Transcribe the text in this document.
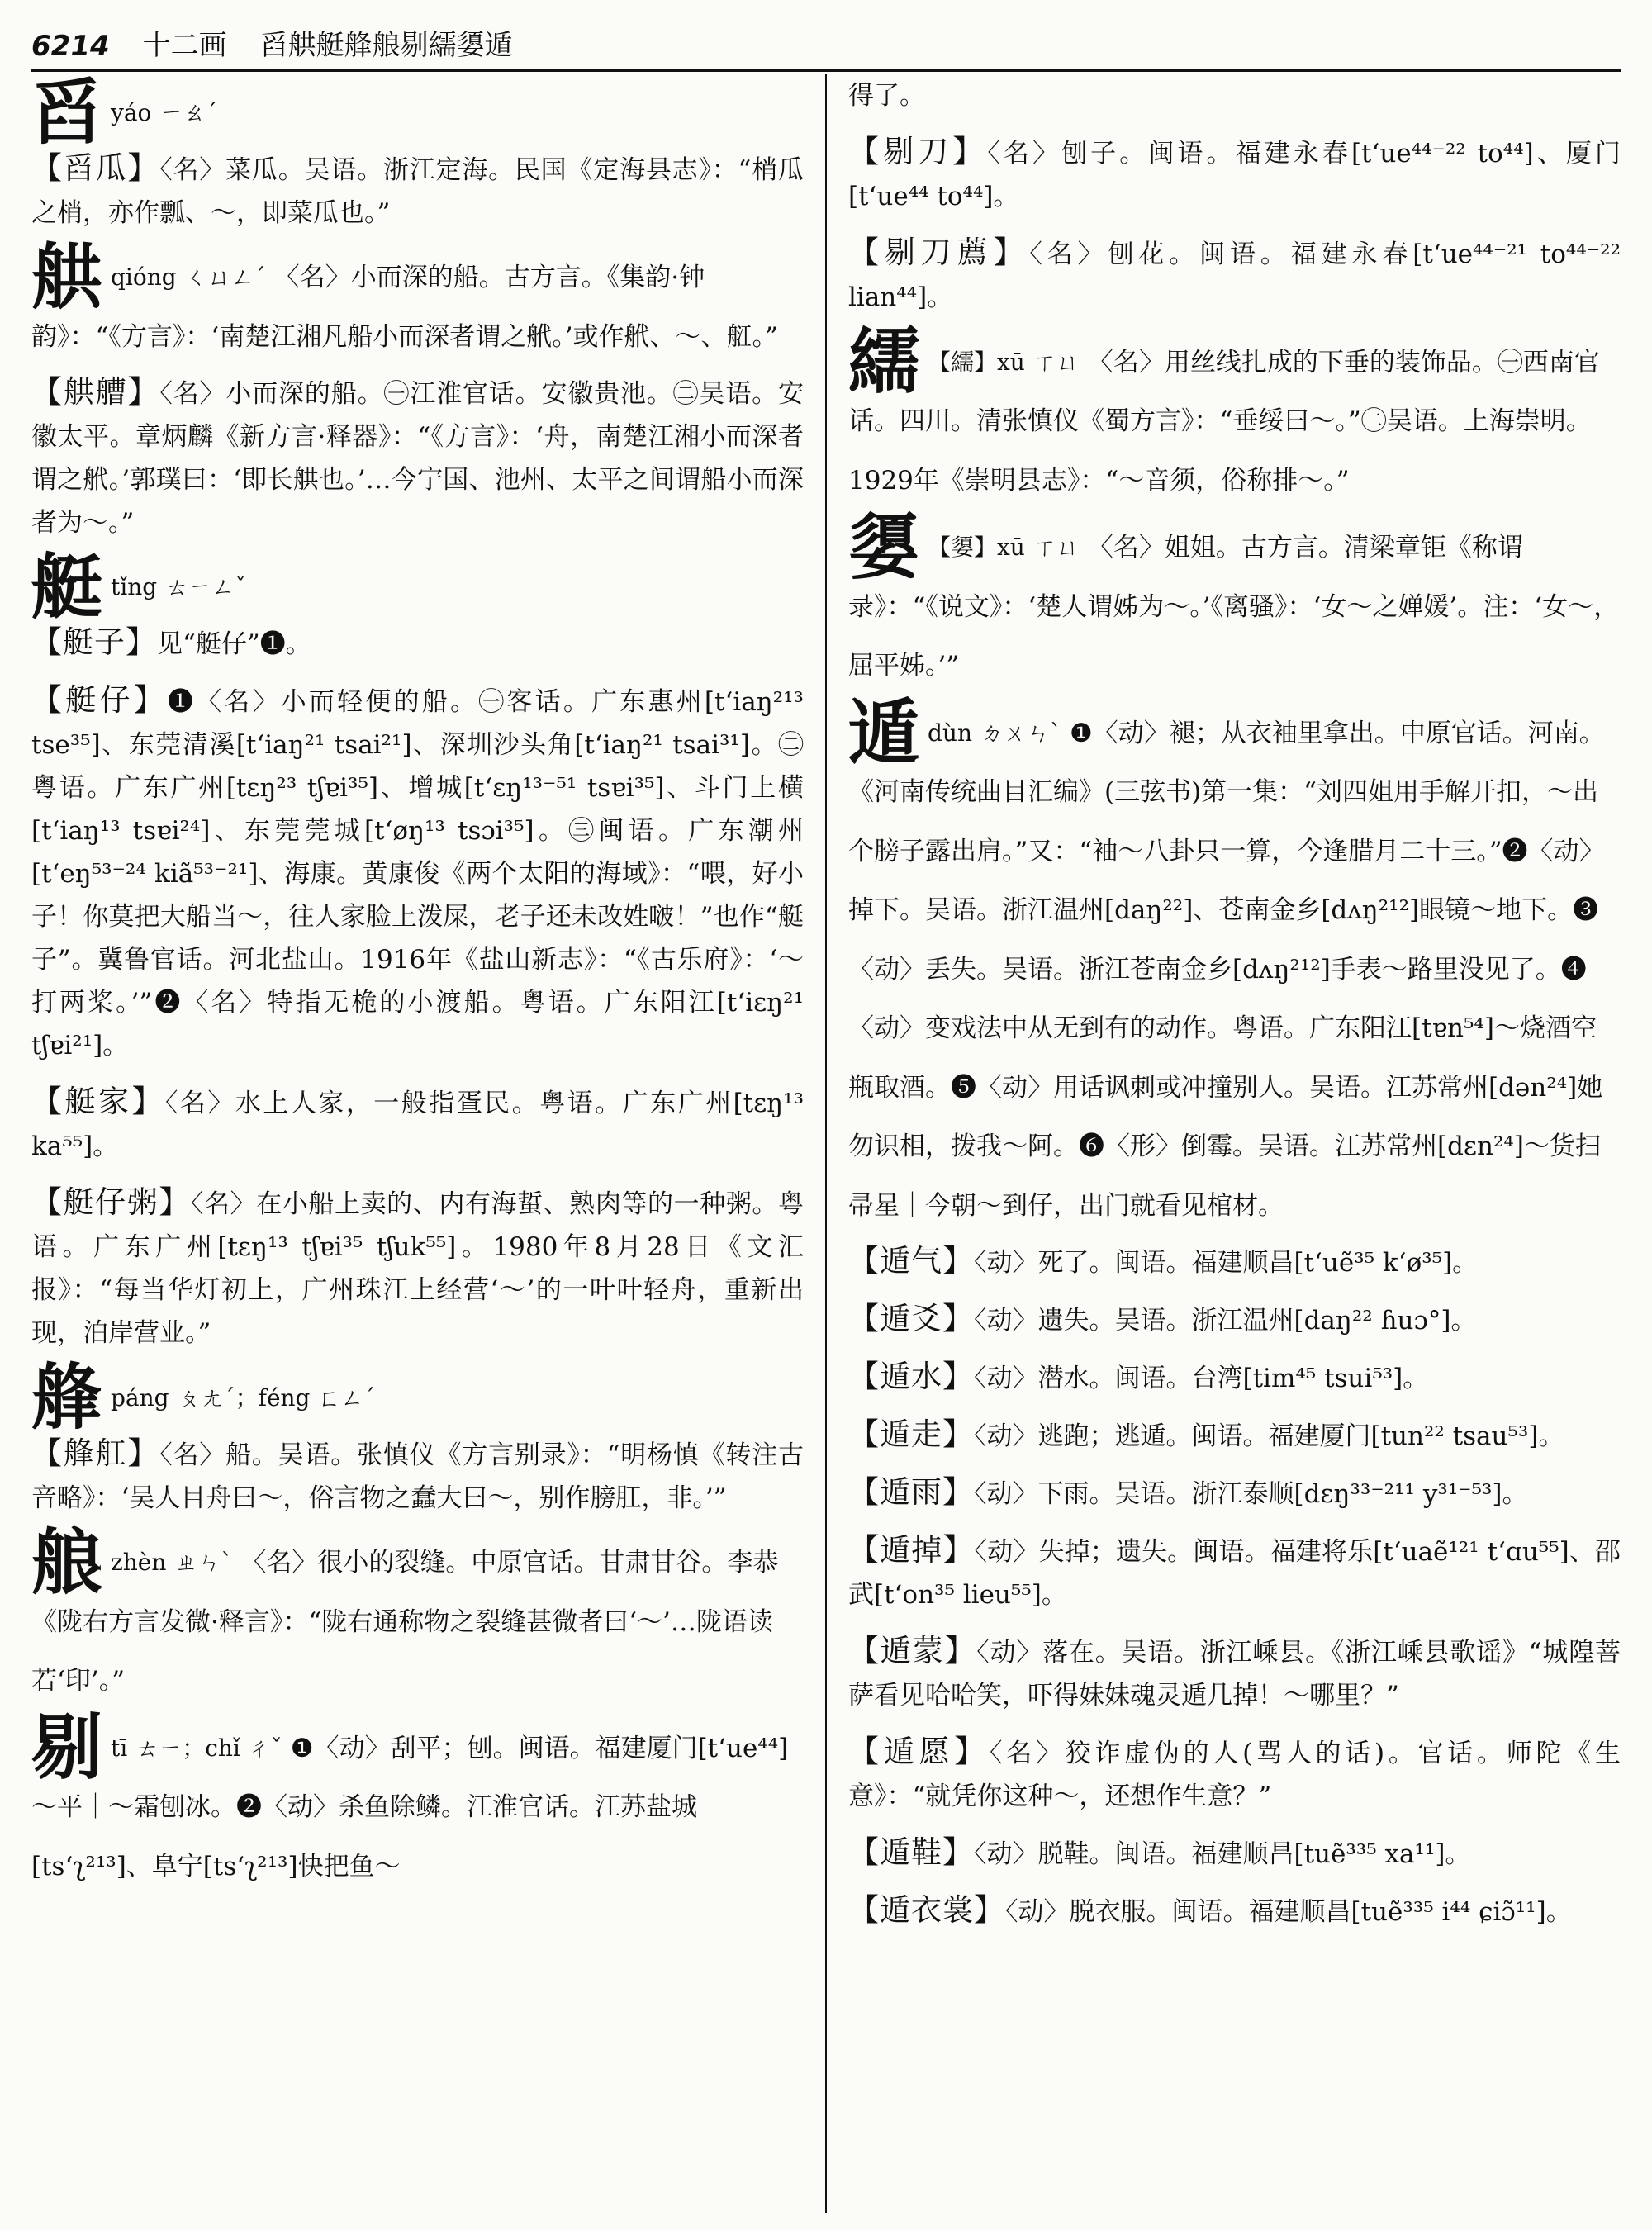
6214 十二画 舀舼艇艂艆剔繻嬃遁
舀yáo ㄧㄠˊ
【舀瓜】〈名〉菜瓜。吴语。浙江定海。民国《定海县志》：“梢瓜之梢，亦作瓢、～，即菜瓜也。”
舼qióng ㄑㄩㄥˊ 〈名〉小而深的船。古方言。《集韵·钟韵》：“《方言》：‘南楚江湘凡船小而深者谓之𦨮。’或作𦨮、～、䑭。”
【舼艚】〈名〉小而深的船。㊀江淮官话。安徽贵池。㊁吴语。安徽太平。章炳麟《新方言·释器》：“《方言》：‘舟，南楚江湘小而深者谓之𦨮。’郭璞曰：‘即长舼也。’…今宁国、池州、太平之间谓船小而深者为～。”
艇tǐng ㄊㄧㄥˇ
【艇子】见“艇仔”❶。
【艇仔】❶〈名〉小而轻便的船。㊀客话。广东惠州[t‘iaŋ²¹³ tse³⁵]、东莞清溪[t‘iaŋ²¹ tsai²¹]、深圳沙头角[t‘iaŋ²¹ tsai³¹]。㊁粤语。广东广州[tɛŋ²³ tʃɐi³⁵]、增城[t‘ɛŋ¹³⁻⁵¹ tsɐi³⁵]、斗门上横[t‘iaŋ¹³ tsɐi²⁴]、东莞莞城[t‘øŋ¹³ tsɔi³⁵]。㊂闽语。广东潮州[t‘eŋ⁵³⁻²⁴ kiã⁵³⁻²¹]、海康。黄康俊《两个太阳的海域》：“喂，好小子！你莫把大船当～，往人家脸上泼屎，老子还未改姓啵！”也作“艇子”。冀鲁官话。河北盐山。1916年《盐山新志》：“《古乐府》：‘～打两桨。’”❷〈名〉特指无桅的小渡船。粤语。广东阳江[t‘iɛŋ²¹ tʃɐi²¹]。
【艇家】〈名〉水上人家，一般指疍民。粤语。广东广州[tɛŋ¹³ ka⁵⁵]。
【艇仔粥】〈名〉在小船上卖的、内有海蜇、熟肉等的一种粥。粤语。广东广州[tɛŋ¹³ tʃɐi³⁵ tʃuk⁵⁵]。1980年8月28日《文汇报》：“每当华灯初上，广州珠江上经营‘～’的一叶叶轻舟，重新出现，泊岸营业。”
艂páng ㄆㄤˊ；féng ㄈㄥˊ
【艂舡】〈名〉船。吴语。张慎仪《方言别录》：“明杨慎《转注古音略》：‘吴人目舟曰～，俗言物之蠢大曰～，别作膀肛，非。’”
艆zhèn ㄓㄣˋ 〈名〉很小的裂缝。中原官话。甘肃甘谷。李恭《陇右方言发微·释言》：“陇右通称物之裂缝甚微者曰‘～’…陇语读若‘印’。”
剔tī ㄊㄧ；chǐ ㄔˇ ❶〈动〉刮平；刨。闽语。福建厦门[t‘ue⁴⁴]～平｜～霜刨冰。❷〈动〉杀鱼除鳞。江淮官话。江苏盐城[ts‘ʅ²¹³]、阜宁[ts‘ʅ²¹³]快把鱼～
得了。
【剔刀】〈名〉刨子。闽语。福建永春[t‘ue⁴⁴⁻²² to⁴⁴]、厦门[t‘ue⁴⁴ to⁴⁴]。
【剔刀薦】〈名〉刨花。闽语。福建永春[t‘ue⁴⁴⁻²¹ to⁴⁴⁻²² lian⁴⁴]。
繻 【繻】xū ㄒㄩ 〈名〉用丝线扎成的下垂的装饰品。㊀西南官话。四川。清张慎仪《蜀方言》：“垂绥曰～。”㊁吴语。上海崇明。1929年《崇明县志》：“～音须，俗称排～。”
嬃 【嬃】xū ㄒㄩ 〈名〉姐姐。古方言。清梁章钜《称谓录》：“《说文》：‘楚人谓姊为～。’《离骚》：‘女～之婵媛’。注：‘女～，屈平姊。’”
遁dùn ㄉㄨㄣˋ ❶〈动〉褪；从衣袖里拿出。中原官话。河南。《河南传统曲目汇编》(三弦书)第一集：“刘四姐用手解开扣，～出个膀子露出肩。”又：“袖～八卦只一算，今逢腊月二十三。”❷〈动〉掉下。吴语。浙江温州[daŋ²²]、苍南金乡[dʌŋ²¹²]眼镜～地下。❸〈动〉丢失。吴语。浙江苍南金乡[dʌŋ²¹²]手表～路里没见了。❹〈动〉变戏法中从无到有的动作。粤语。广东阳江[tɐn⁵⁴]～烧酒空瓶取酒。❺〈动〉用话讽刺或冲撞别人。吴语。江苏常州[dən²⁴]她勿识相，拨我～阿。❻〈形〉倒霉。吴语。江苏常州[dɛn²⁴]～货扫帚星｜今朝～到仔，出门就看见棺材。
【遁气】〈动〉死了。闽语。福建顺昌[t‘uẽ³⁵ k‘ø³⁵]。
【遁爻】〈动〉遗失。吴语。浙江温州[daŋ²² ɦuɔ°]。
【遁水】〈动〉潜水。闽语。台湾[tim⁴⁵ tsui⁵³]。
【遁走】〈动〉逃跑；逃遁。闽语。福建厦门[tun²² tsau⁵³]。
【遁雨】〈动〉下雨。吴语。浙江泰顺[dɛŋ³³⁻²¹¹ y³¹⁻⁵³]。
【遁掉】〈动〉失掉；遗失。闽语。福建将乐[t‘uaẽ¹²¹ t‘ɑu⁵⁵]、邵武[t‘on³⁵ lieu⁵⁵]。
【遁蒙】〈动〉落在。吴语。浙江嵊县。《浙江嵊县歌谣》“城隍菩萨看见哈哈笑，吓得妹妹魂灵遁几掉！～哪里？”
【遁愿】〈名〉狡诈虚伪的人(骂人的话)。官话。师陀《生意》：“就凭你这种～，还想作生意？”
【遁鞋】〈动〉脱鞋。闽语。福建顺昌[tuẽ³³⁵ xa¹¹]。
【遁衣裳】〈动〉脱衣服。闽语。福建顺昌[tuẽ³³⁵ i⁴⁴ ɕiɔ̃¹¹]。
